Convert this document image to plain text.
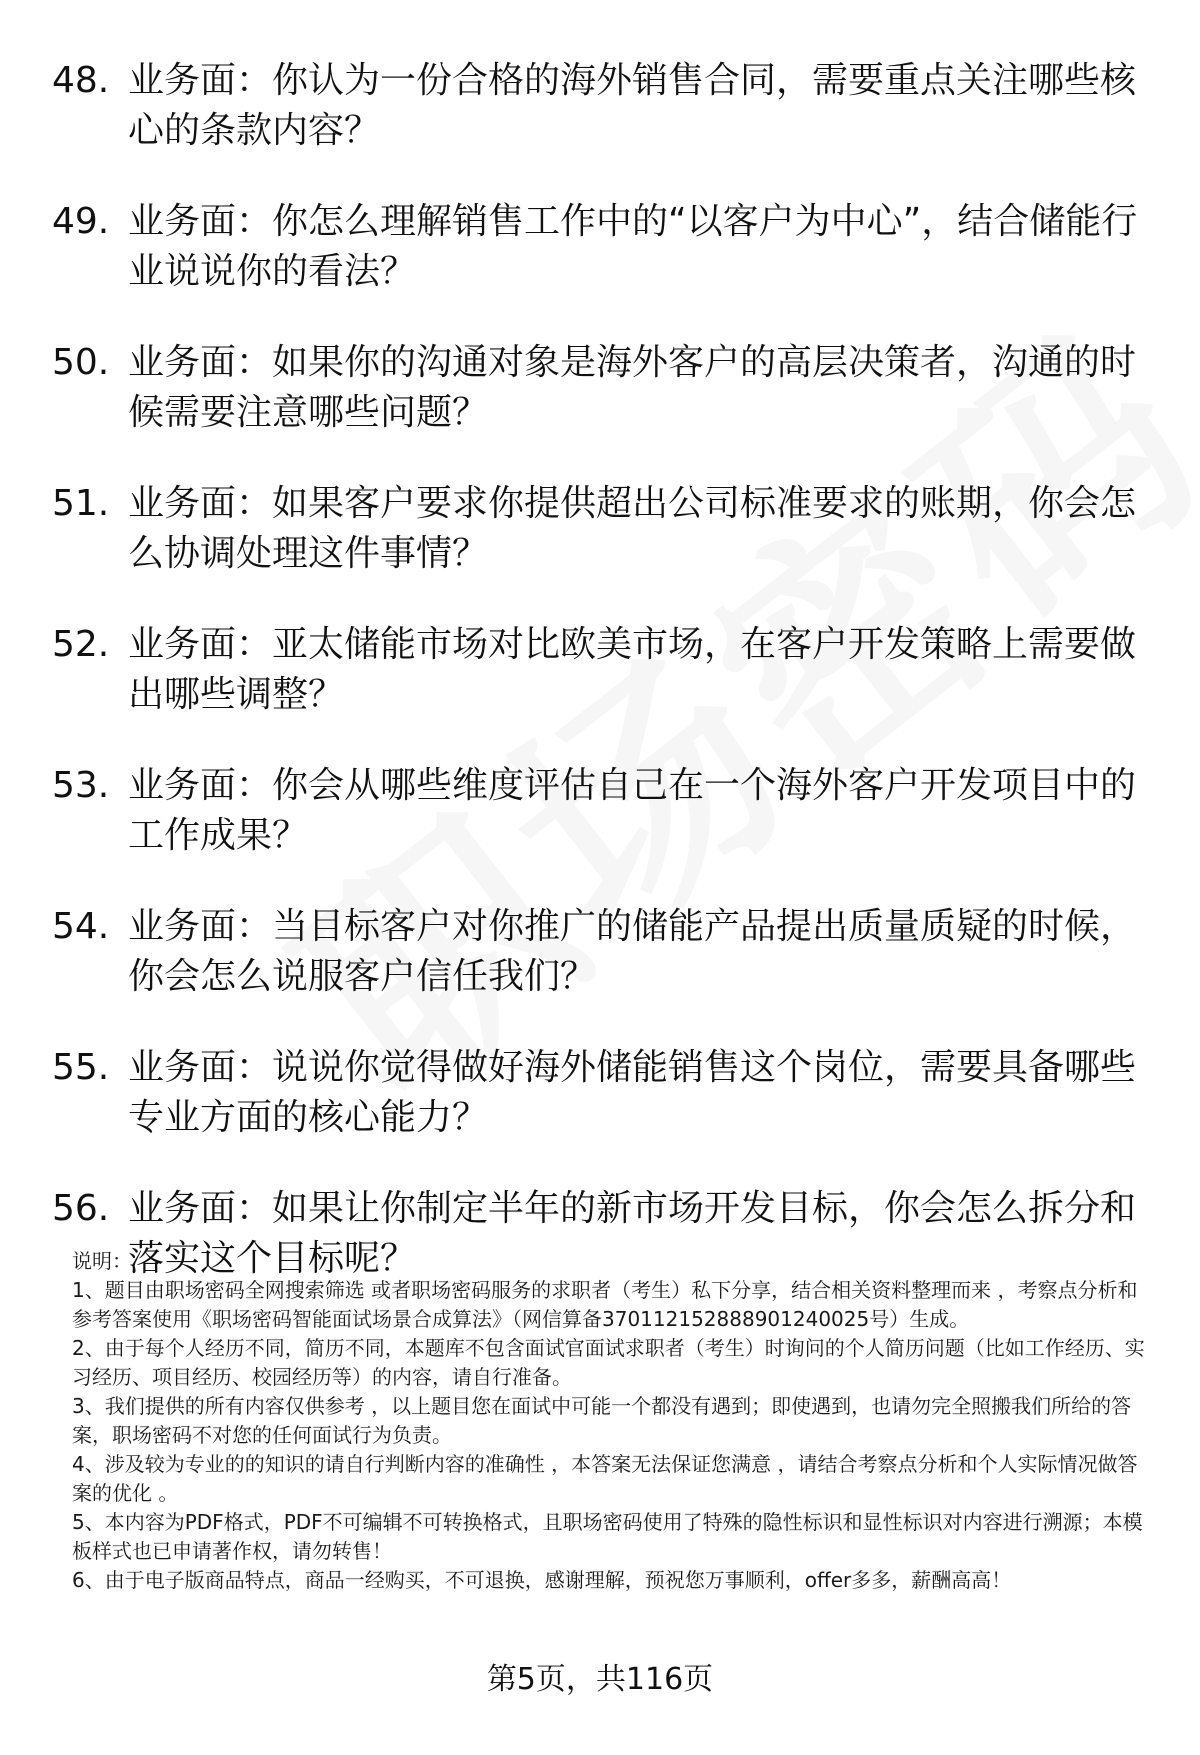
48. 业务面：你认为一份合格的海外销售合同，需要重点关注哪些核心的条款内容？
49. 业务面：你怎么理解销售工作中的“以客户为中心”，结合储能行业说说你的看法？
50. 业务面：如果你的沟通对象是海外客户的高层决策者，沟通的时候需要注意哪些问题？
51. 业务面：如果客户要求你提供超出公司标准要求的账期，你会怎么协调处理这件事情？
52. 业务面：亚太储能市场对比欧美市场，在客户开发策略上需要做出哪些调整？
53. 业务面：你会从哪些维度评估自己在一个海外客户开发项目中的工作成果？
54. 业务面：当目标客户对你推广的储能产品提出质量质疑的时候，你会怎么说服客户信任我们？
55. 业务面：说说你觉得做好海外储能销售这个岗位，需要具备哪些专业方面的核心能力？
56. 业务面：如果让你制定半年的新市场开发目标，你会怎么拆分和落实这个目标呢？

说明：

1、题目由职场密码全网搜索筛选 或者职场密码服务的求职者（考生）私下分享，结合相关资料整理而来 ，考察点分析和参考答案使用《职场密码智能面试场景合成算法》（网信算备370112152888901240025号）生成。

2、由于每个人经历不同，简历不同，本题库不包含面试官面试求职者（考生）时询问的个人简历问题（比如工作经历、实习经历、项目经历、校园经历等）的内容，请自行准备。

3、我们提供的所有内容仅供参考 ，以上题目您在面试中可能一个都没有遇到；即使遇到，也请勿完全照搬我们所给的答案，职场密码不对您的任何面试行为负责。

4、涉及较为专业的的知识的请自行判断内容的准确性 ，本答案无法保证您满意 ，请结合考察点分析和个人实际情况做答案的优化 。

5、本内容为PDF格式，PDF不可编辑不可转换格式，且职场密码使用了特殊的隐性标识和显性标识对内容进行溯源；本模板样式也已申请著作权，请勿转售！

6、由于电子版商品特点，商品一经购买，不可退换，感谢理解，预祝您万事顺利，offer多多，薪酬高高！

第5页，共116页
